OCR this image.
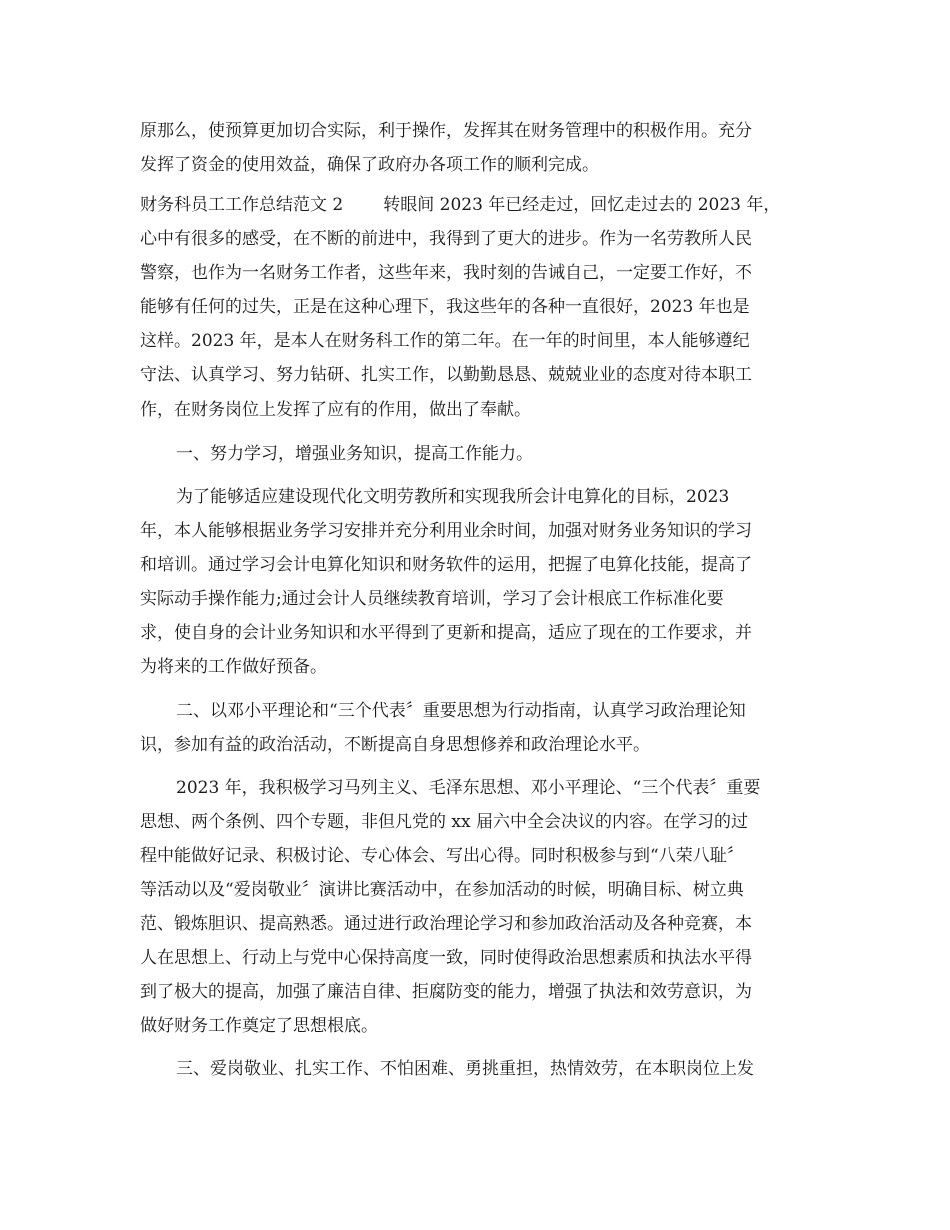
原那么，使预算更加切合实际，利于操作，发挥其在财务管理中的积极作用。充分
发挥了资金的使用效益，确保了政府办各项工作的顺利完成。
财务科员工工作总结范文 2 转眼间 2023 年已经走过，回忆走过去的 2023 年，
心中有很多的感受，在不断的前进中，我得到了更大的进步。作为一名劳教所人民
警察，也作为一名财务工作者，这些年来，我时刻的告诫自己，一定要工作好，不
能够有任何的过失，正是在这种心理下，我这些年的各种一直很好，2023 年也是
这样。2023 年，是本人在财务科工作的第二年。在一年的时间里，本人能够遵纪
守法、认真学习、努力钻研、扎实工作，以勤勤恳恳、兢兢业业的态度对待本职工
作，在财务岗位上发挥了应有的作用，做出了奉献。
一、努力学习，增强业务知识，提高工作能力。
为了能够适应建设现代化文明劳教所和实现我所会计电算化的目标，2023
年，本人能够根据业务学习安排并充分利用业余时间，加强对财务业务知识的学习
和培训。通过学习会计电算化知识和财务软件的运用，把握了电算化技能，提高了
实际动手操作能力;通过会计人员继续教育培训，学习了会计根底工作标准化要
求，使自身的会计业务知识和水平得到了更新和提高，适应了现在的工作要求，并
为将来的工作做好预备。
二、以邓小平理论和“三个代表〞重要思想为行动指南，认真学习政治理论知
识，参加有益的政治活动，不断提高自身思想修养和政治理论水平。
2023 年，我积极学习马列主义、毛泽东思想、邓小平理论、“三个代表〞重要
思想、两个条例、四个专题，非但凡党的 xx 届六中全会决议的内容。在学习的过
程中能做好记录、积极讨论、专心体会、写出心得。同时积极参与到“八荣八耻〞
等活动以及“爱岗敬业〞演讲比赛活动中，在参加活动的时候，明确目标、树立典
范、锻炼胆识、提高熟悉。通过进行政治理论学习和参加政治活动及各种竞赛，本
人在思想上、行动上与党中心保持高度一致，同时使得政治思想素质和执法水平得
到了极大的提高，加强了廉洁自律、拒腐防变的能力，增强了执法和效劳意识，为
做好财务工作奠定了思想根底。
三、爱岗敬业、扎实工作、不怕困难、勇挑重担，热情效劳，在本职岗位上发
